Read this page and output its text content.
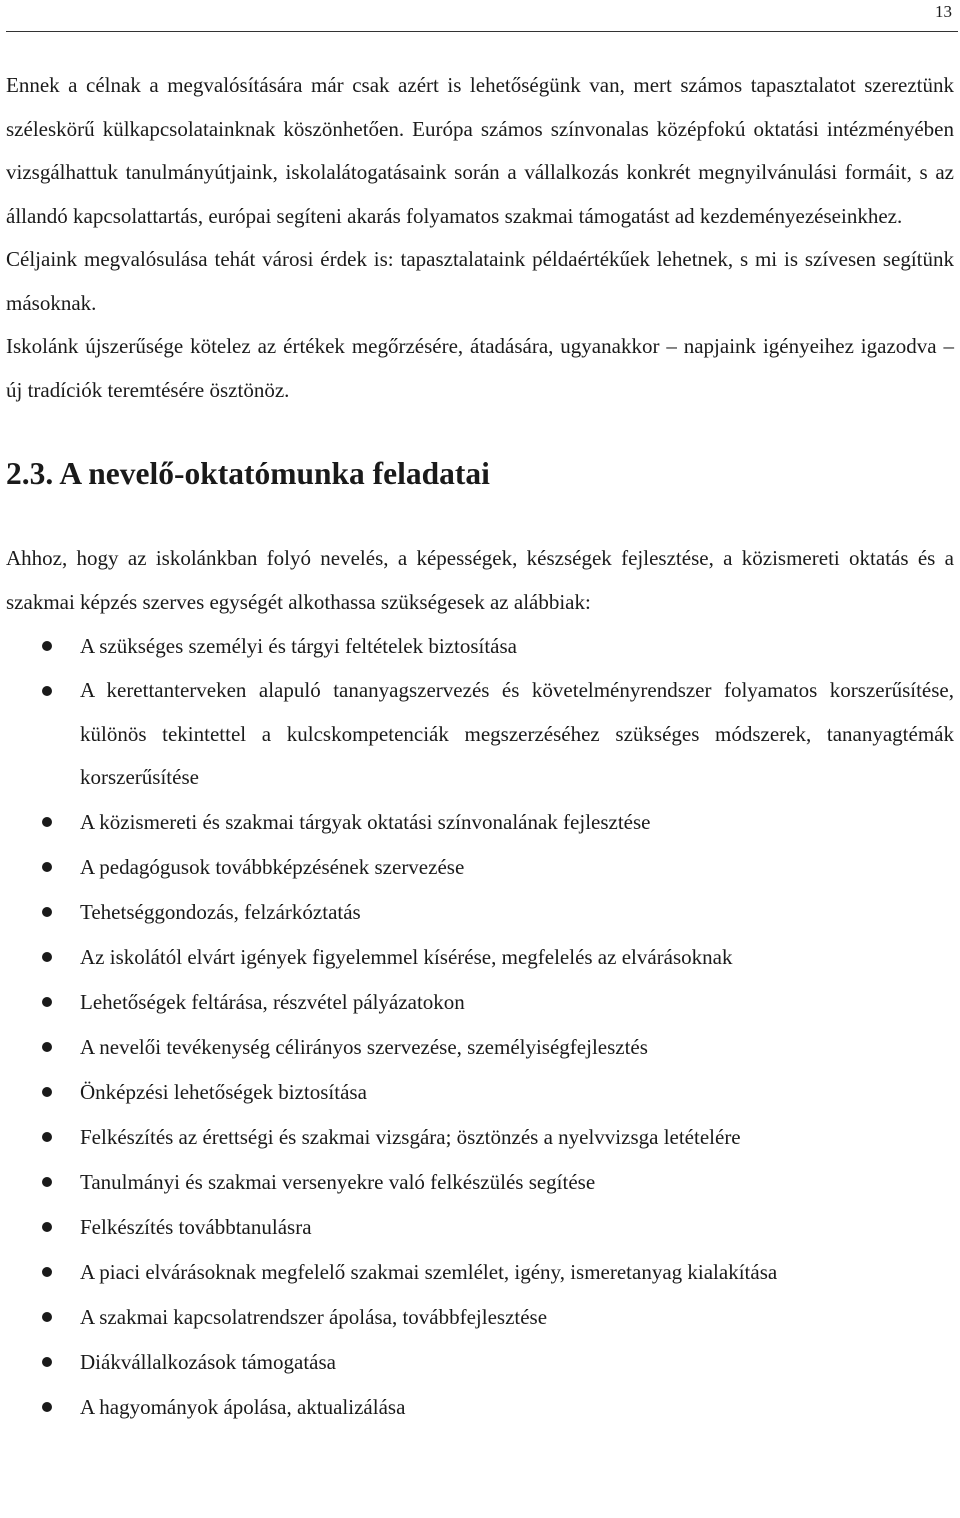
13

Ennek a célnak a megvalósítására már csak azért is lehetőségünk van, mert számos tapasztalatot szereztünk széleskörű külkapcsolatainknak köszönhetően. Európa számos színvonalas középfokú oktatási intézményében vizsgálhattuk tanulmányútjaink, iskolalátogatásaink során a vállalkozás konkrét megnyilvánulási formáit, s az állandó kapcsolattartás, európai segíteni akarás folyamatos szakmai támogatást ad kezdeményezéseinkhez.

Céljaink megvalósulása tehát városi érdek is: tapasztalataink példaértékűek lehetnek, s mi is szívesen segítünk másoknak.

Iskolánk újszerűsége kötelez az értékek megőrzésére, átadására, ugyanakkor – napjaink igényeihez igazodva – új tradíciók teremtésére ösztönöz.

2.3. A nevelő-oktatómunka feladatai

Ahhoz, hogy az iskolánkban folyó nevelés, a képességek, készségek fejlesztése, a közismereti oktatás és a szakmai képzés szerves egységét alkothassa szükségesek az alábbiak:

A szükséges személyi és tárgyi feltételek biztosítása
A kerettanterveken alapuló tananyagszervezés és követelményrendszer folyamatos korszerűsítése, különös tekintettel a kulcskompetenciák megszerzéséhez szükséges módszerek, tananyagtémák korszerűsítése
A közismereti és szakmai tárgyak oktatási színvonalának fejlesztése
A pedagógusok továbbképzésének szervezése
Tehetséggondozás, felzárkóztatás
Az iskolától elvárt igények figyelemmel kísérése, megfelelés az elvárásoknak
Lehetőségek feltárása, részvétel pályázatokon
A nevelői tevékenység célirányos szervezése, személyiségfejlesztés
Önképzési lehetőségek biztosítása
Felkészítés az érettségi és szakmai vizsgára; ösztönzés a nyelvvizsga letételére
Tanulmányi és szakmai versenyekre való felkészülés segítése
Felkészítés továbbtanulásra
A piaci elvárásoknak megfelelő szakmai szemlélet, igény, ismeretanyag kialakítása
A szakmai kapcsolatrendszer ápolása, továbbfejlesztése
Diákvállalkozások támogatása
A hagyományok ápolása, aktualizálása
